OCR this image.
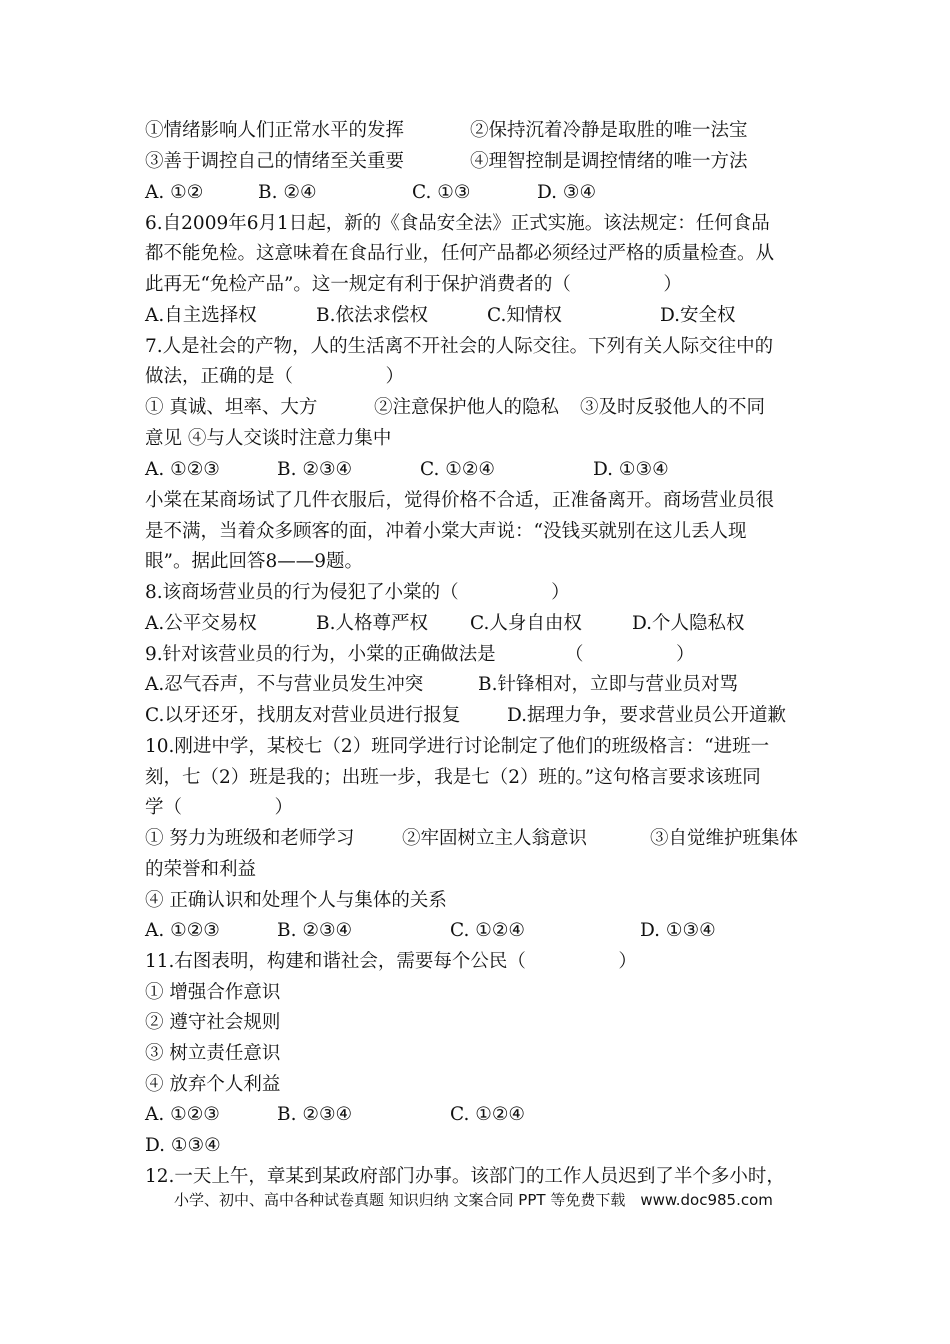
①情绪影响人们正常水平的发挥	②保持沉着冷静是取胜的唯一法宝
③善于调控自己的情绪至关重要	④理智控制是调控情绪的唯一方法
A. ①②	B. ②④	C. ①③	D. ③④
6.自2009年6月1日起，新的《食品安全法》正式实施。该法规定：任何食品
都不能免检。这意味着在食品行业，任何产品都必须经过严格的质量检查。从
此再无“免检产品”。这一规定有利于保护消费者的（　　　　　）
A.自主选择权	B.依法求偿权	C.知情权	D.安全权
7.人是社会的产物，人的生活离不开社会的人际交往。下列有关人际交往中的
做法，正确的是（　　　　　）
① 真诚、坦率、大方	②注意保护他人的隐私 ③及时反驳他人的不同
意见 ④与人交谈时注意力集中
A. ①②③	B. ②③④	C. ①②④	D. ①③④
小棠在某商场试了几件衣服后，觉得价格不合适，正准备离开。商场营业员很
是不满，当着众多顾客的面，冲着小棠大声说：“没钱买就别在这儿丢人现
眼”。据此回答8——9题。
8.该商场营业员的行为侵犯了小棠的（　　　　　）
A.公平交易权	B.人格尊严权 C.人身自由权	D.个人隐私权
9.针对该营业员的行为，小棠的正确做法是	（　　　　　）
A.忍气吞声，不与营业员发生冲突	B.针锋相对，立即与营业员对骂
C.以牙还牙，找朋友对营业员进行报复	D.据理力争，要求营业员公开道歉
10.刚进中学，某校七（2）班同学进行讨论制定了他们的班级格言：“进班一
刻，七（2）班是我的；出班一步，我是七（2）班的。”这句格言要求该班同
学（　　　　　）
① 努力为班级和老师学习	②牢固树立主人翁意识	③自觉维护班集体
的荣誉和利益
④ 正确认识和处理个人与集体的关系
A. ①②③	B. ②③④	C. ①②④	D. ①③④
11.右图表明，构建和谐社会，需要每个公民（　　　　　）
① 增强合作意识
② 遵守社会规则
③ 树立责任意识
④ 放弃个人利益
A. ①②③	B. ②③④	C. ①②④
D. ①③④
12.一天上午，章某到某政府部门办事。该部门的工作人员迟到了半个多小时，
小学、初中、高中各种试卷真题 知识归纳 文案合同 PPT 等免费下载　www.doc985.com
